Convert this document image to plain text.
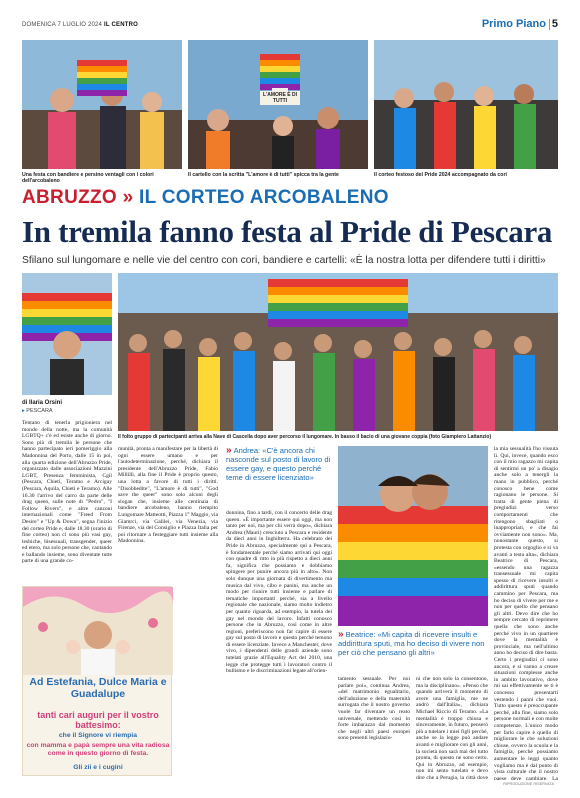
DOMENICA 7 LUGLIO 2024 IL CENTRO	Primo Piano 5
Una festa con bandiere e persino ventagli con i colori dell'arcobaleno
L'AMORE È DI TUTTI
Il cartello con la scritta "L'amore è di tutti" spicca tra la gente	Il corteo festoso del Pride 2024 accompagnato da cori
ABRUZZO » IL CORTEO ARCOBALENO
In tremila fanno festa al Pride di Pescara
Sfilano sul lungomare e nelle vie del centro con cori, bandiere e cartelli: «È la nostra lotta per difendere tutti i diritti»
Il folto gruppo di partecipanti arriva alla Nave di Cascella dopo aver percorso il lungomare. In basso il bacio di una giovane coppia (foto Giampiero Lattanzio)
di Ilaria Orsini
▸ PESCARA
Tentano di tenerla prigioniera nel mondo della notte, ma la comunità LGBTQ+ c'è ed esiste anche di giorno. Sono più di tremila le persone che hanno partecipato ieri pomeriggio alla Madonnina del Porto, dalle 15 in poi, alla quarta edizione dell'Abruzzo Pride, organizzato dalle associazioni Mazzini LGBT, Presenza femminista, Cgil (Pescara, Chieti, Teramo e Arcigay (Pescara, Aquila, Chieti e Teramo). Alle 16.30 l'arrivo del carro da parte delle drag queen, sulle note di "Pedro", "I Follow Rivers", e altre canzoni internazionali come "Freed From Desire" e "Up & Down", segna l'inizio del corteo Pride e, dalle 18.30 (orario di fine corteo) non ci sono più vasi gay, lesbiche, bisessuali, transgender, queer ed etero, ma solo persone che, cantando e ballando insieme, sono diventate tutte parte di una grande co-
munità, pronta a manifestare per la libertà di ogni essere umano e per l'autodeterminazione, perché, dichiara il presidente dell'Abruzzo Pride, Fabio Millilli, alla fine il Pride è proprio questo, una lotta a favore di tutti i diritti. "Disobbedite", "L'amore è di tutti", "God save the queer" sono solo alcuni degli slogan che, insieme alle centinaia di bandiere arcobaleno, hanno riempito Lungomare Matteotti, Piazza 1° Maggio, via Giamrci, via Galilei, via Venezia, via Firenze, via del Consiglio e Piazza Italia per poi ritornare a festeggiare tutti insieme alla Madonnina.
» Andrea: «C'è ancora chi nasconde sul posto di lavoro di essere gay, e questo perché teme di essere licenziato»
donnina, fino a tardi, con il concerto delle drag queen. «È importante essere qui oggi, ma non tanto per noi, ma per chi verrà dopo», dichiara Andrea (Mauri) cresciuto a Pescara e residente da dieci anni in Inghilterra. Ha celebrato dei Pride in Abruzzo, specialmente qui a Pescara, è fondamentale perché siamo arrivati qui oggi con quadre di ritto in più rispetto a dieci anni fa, significa che possiamo e dobbiamo spingere per punire ancora più in alto». Non solo dunque una giornata di divertimento ma musica dal vivo, cibo e panini, ma anche un modo per riunire tutti insieme e parlare di tematiche importanti perché, sia a livello regionale che nazionale, siamo molto indietro per quanto riguarda, ad esempio, la tutela dei gay nel mondo del lavoro. Infatti conosco persone che in Abruzzo, così come in altre regioni, preferiscono non far capire di essere gay sul posto di lavoro e questo perché temono di essere licenziate. Invece a Manchester, dove vivo, i dipendenti delle grandi aziende sono tutelati grazie all'Equality Act del 2010, una legge che protegge tutti i lavoratori contro il bullismo e le discriminazioni legate all'orien-
» Beatrice: «Mi capita di ricevere insulti e addirittura sputi, ma ho deciso di vivere non per ciò che pensano gli altri»
tamento sessuale. Per noi parlare poi», continua Andrea, «del matrimonio egualitario, dell'adozione e della maternità surrogata che il nostro governo vuole far diventare un reato universale, mettendo così in forte imbarazzo dal momento che negli altri paesi europei sono presenti legislazio-
ni che non solo la consentono, ma la disciplinano». «Penso che quando arriverà il momento di avere una famiglia, me ne andrò dall'Italia», dichiara Michael Riccio di Teramo. «La mentalità è troppo chiusa e sinceramente, in futuro, penserò più a tutelare i miei figli perché, anche se la legge può andare avanti e migliorare con gli anni, la società non sarà mai del tutto pronta, di questo ne sono certo. Qui in Abruzzo, ad esempio, non mi sento tutelato e devo dire che a Perugia, la città dove
la mia sessualità l'ho vissuta lì. Qui, invece, quando esco con il mio ragazzo mi capita di sentirmi un po' a disagio anche solo a tenergli la mano in pubblico, perché conosco bene come ragionano le persone. Si tratta di gente piena di pregiudizi verso comportamenti che ritengono sbagliati o inappropriati, e che fai ovviamente non sono». Ma, nonostante questo, si protesta con orgoglio e si va avanti a testa alta», dichiara Beatrice di Pescara, «essendo una ragazza transessuale mi capita spesso di ricevere insulti e addirittura sputi quando cammino per Pescara, ma ho deciso di vivere per me e non per quello che pensano gli altri. Devo dire che ho sempre cercato di reprimere quella che sono anche perché vivo in un quartiere dove la mentalità è provinciale, ma nell'ultimo anno ho deciso di dire basta. Certo i pregiudizi ci sono ancora, e si vanno a creare situazioni complesse anche in ambito lavorativo, dove mi sai effettivamente se ti è concesso presentarti vestendo i panni che vuoi. Tutto questo è preoccupante perché, alla fine, siamo solo persone normali e con molte competenze. L'unico modo per farlo capire è quello di migliorare le che soluzioni chiuse, ovvero la scuola e la famiglia, perché possiamo aumentare le leggi quanto vogliamo ma è dal punto di vista culturale che il nostro paese deve cambiare. La
Ad Estefania, Dulce Maria e Guadalupe
tanti cari auguri per il vostro battesimo:
che il Signore vi riempia
con mamma e papà sempre una vita radiosa come in questo giorno di festa.
Gli zii e i cugini
RIPRODUZIONE RISERVATA
